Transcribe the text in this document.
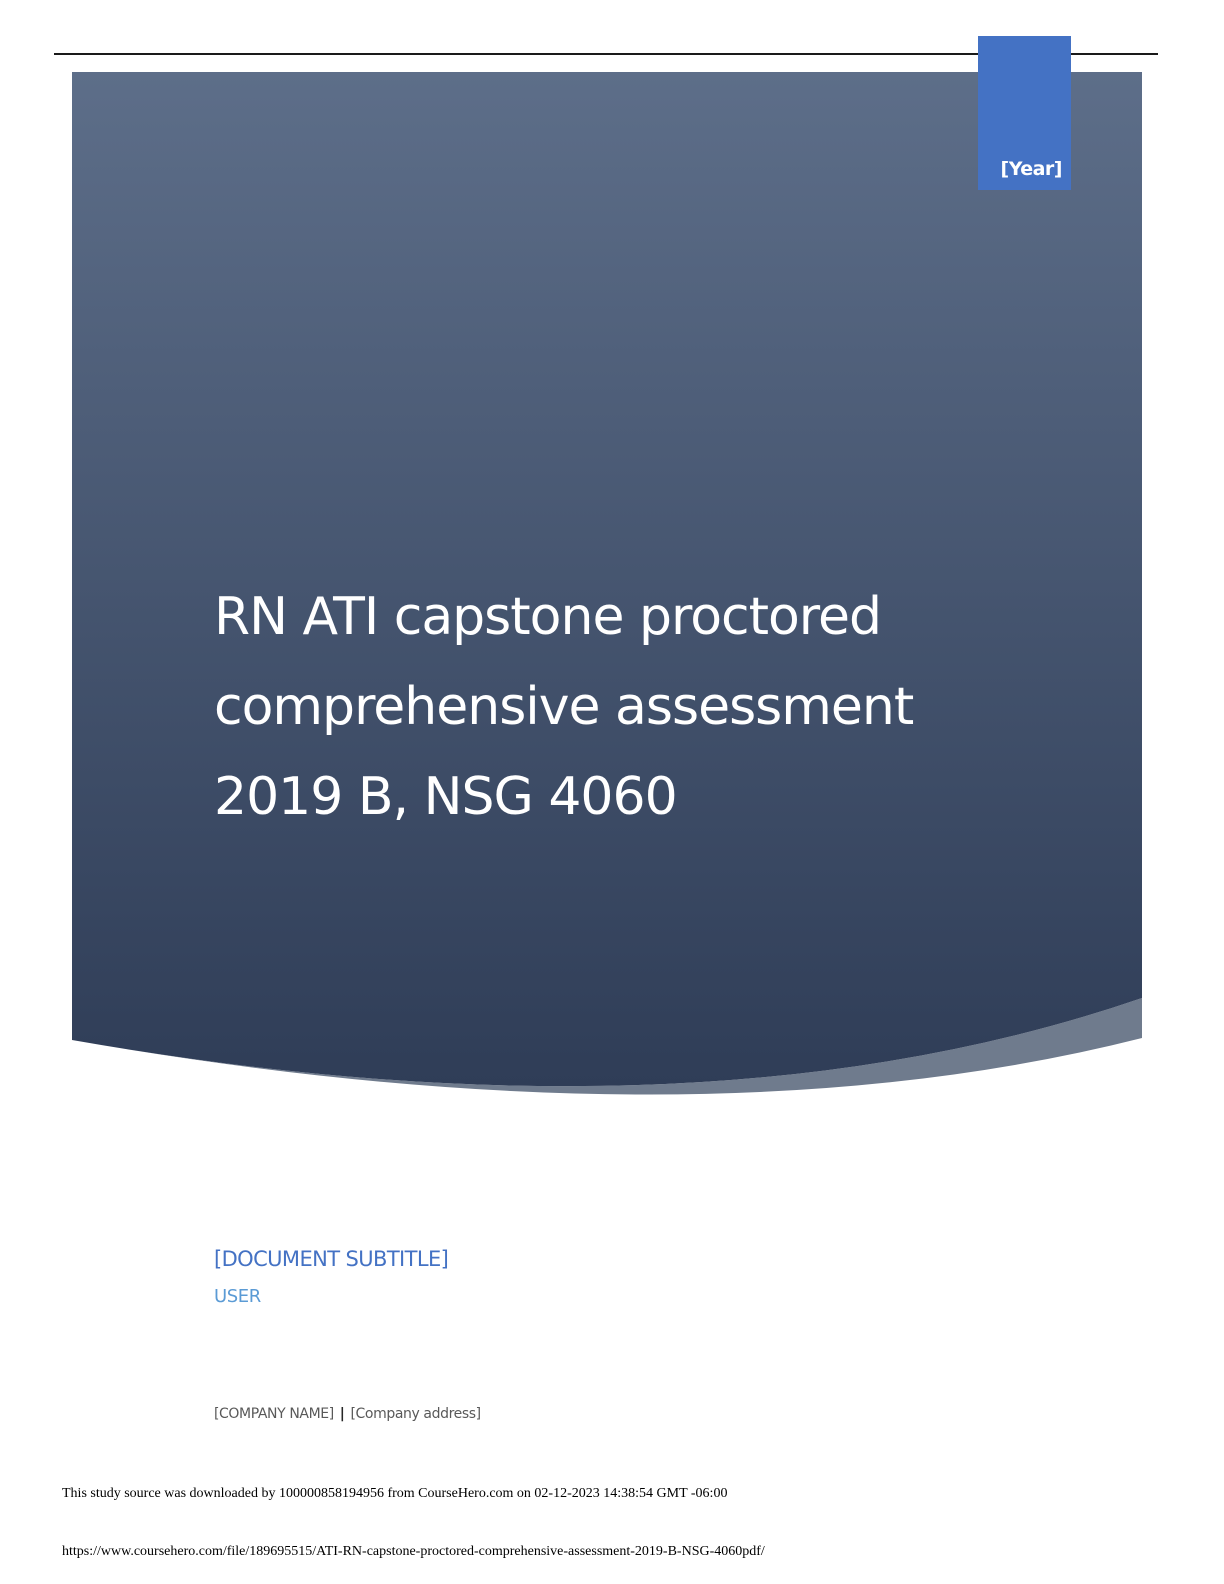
[Year]
RN ATI capstone proctored comprehensive assessment 2019 B, NSG 4060
[DOCUMENT SUBTITLE]
USER
[COMPANY NAME] | [Company address]
This study source was downloaded by 100000858194956 from CourseHero.com on 02-12-2023 14:38:54 GMT -06:00
https://www.coursehero.com/file/189695515/ATI-RN-capstone-proctored-comprehensive-assessment-2019-B-NSG-4060pdf/
